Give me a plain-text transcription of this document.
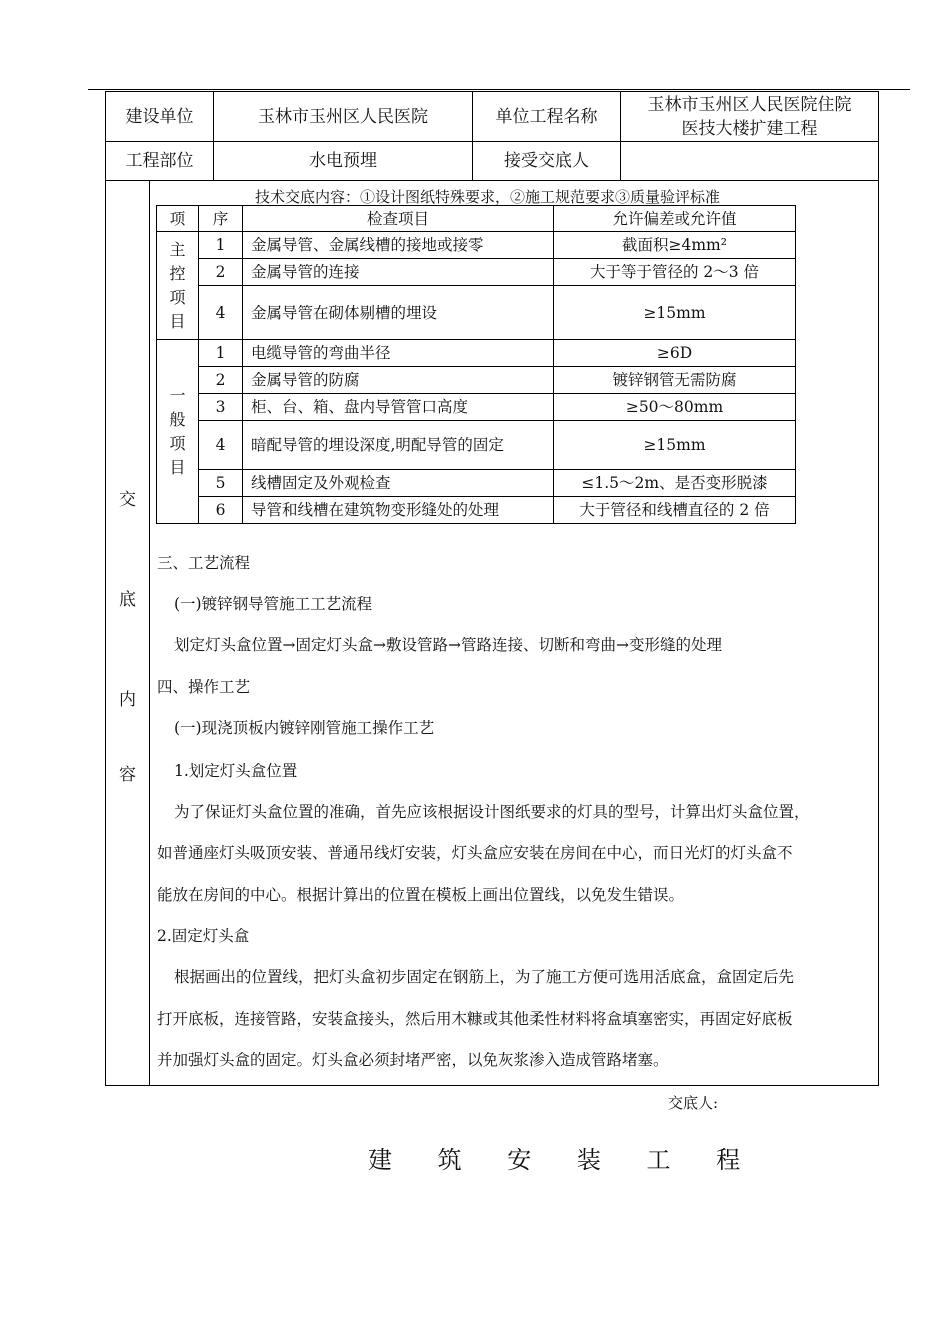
建设单位	玉林市玉州区人民医院	单位工程名称	玉林市玉州区人民医院住院
医技大楼扩建工程
工程部位	水电预埋	接受交底人	
交
底
内
容
技术交底内容：①设计图纸特殊要求，②施工规范要求③质量验评标准
项	序	检查项目	允许偏差或允许值
主
控
项
目	1	金属导管、金属线槽的接地或接零	截面积≥4mm²
	2	金属导管的连接	大于等于管径的 2～3 倍
	4	金属导管在砌体剔槽的埋设	≥15mm
一
般
项
目	1	电缆导管的弯曲半径	≥6D
	2	金属导管的防腐	镀锌钢管无需防腐
	3	柜、台、箱、盘内导管管口高度	≥50～80mm
	4	暗配导管的埋设深度,明配导管的固定	≥15mm
	5	线槽固定及外观检查	≤1.5～2m、是否变形脱漆
	6	导管和线槽在建筑物变形缝处的处理	大于管径和线槽直径的 2 倍
三、工艺流程
(一)镀锌钢导管施工工艺流程
划定灯头盒位置→固定灯头盒→敷设管路→管路连接、切断和弯曲→变形缝的处理
四、操作工艺
(一)现浇顶板内镀锌刚管施工操作工艺
1.划定灯头盒位置
为了保证灯头盒位置的准确，首先应该根据设计图纸要求的灯具的型号，计算出灯头盒位置，
如普通座灯头吸顶安装、普通吊线灯安装，灯头盒应安装在房间在中心，而日光灯的灯头盒不
能放在房间的中心。根据计算出的位置在模板上画出位置线，以免发生错误。
2.固定灯头盒
根据画出的位置线，把灯头盒初步固定在钢筋上，为了施工方便可选用活底盒，盒固定后先
打开底板，连接管路，安装盒接头，然后用木糠或其他柔性材料将盒填塞密实，再固定好底板
并加强灯头盒的固定。灯头盒必须封堵严密，以免灰浆渗入造成管路堵塞。
交底人:
建 筑 安 装 工 程
